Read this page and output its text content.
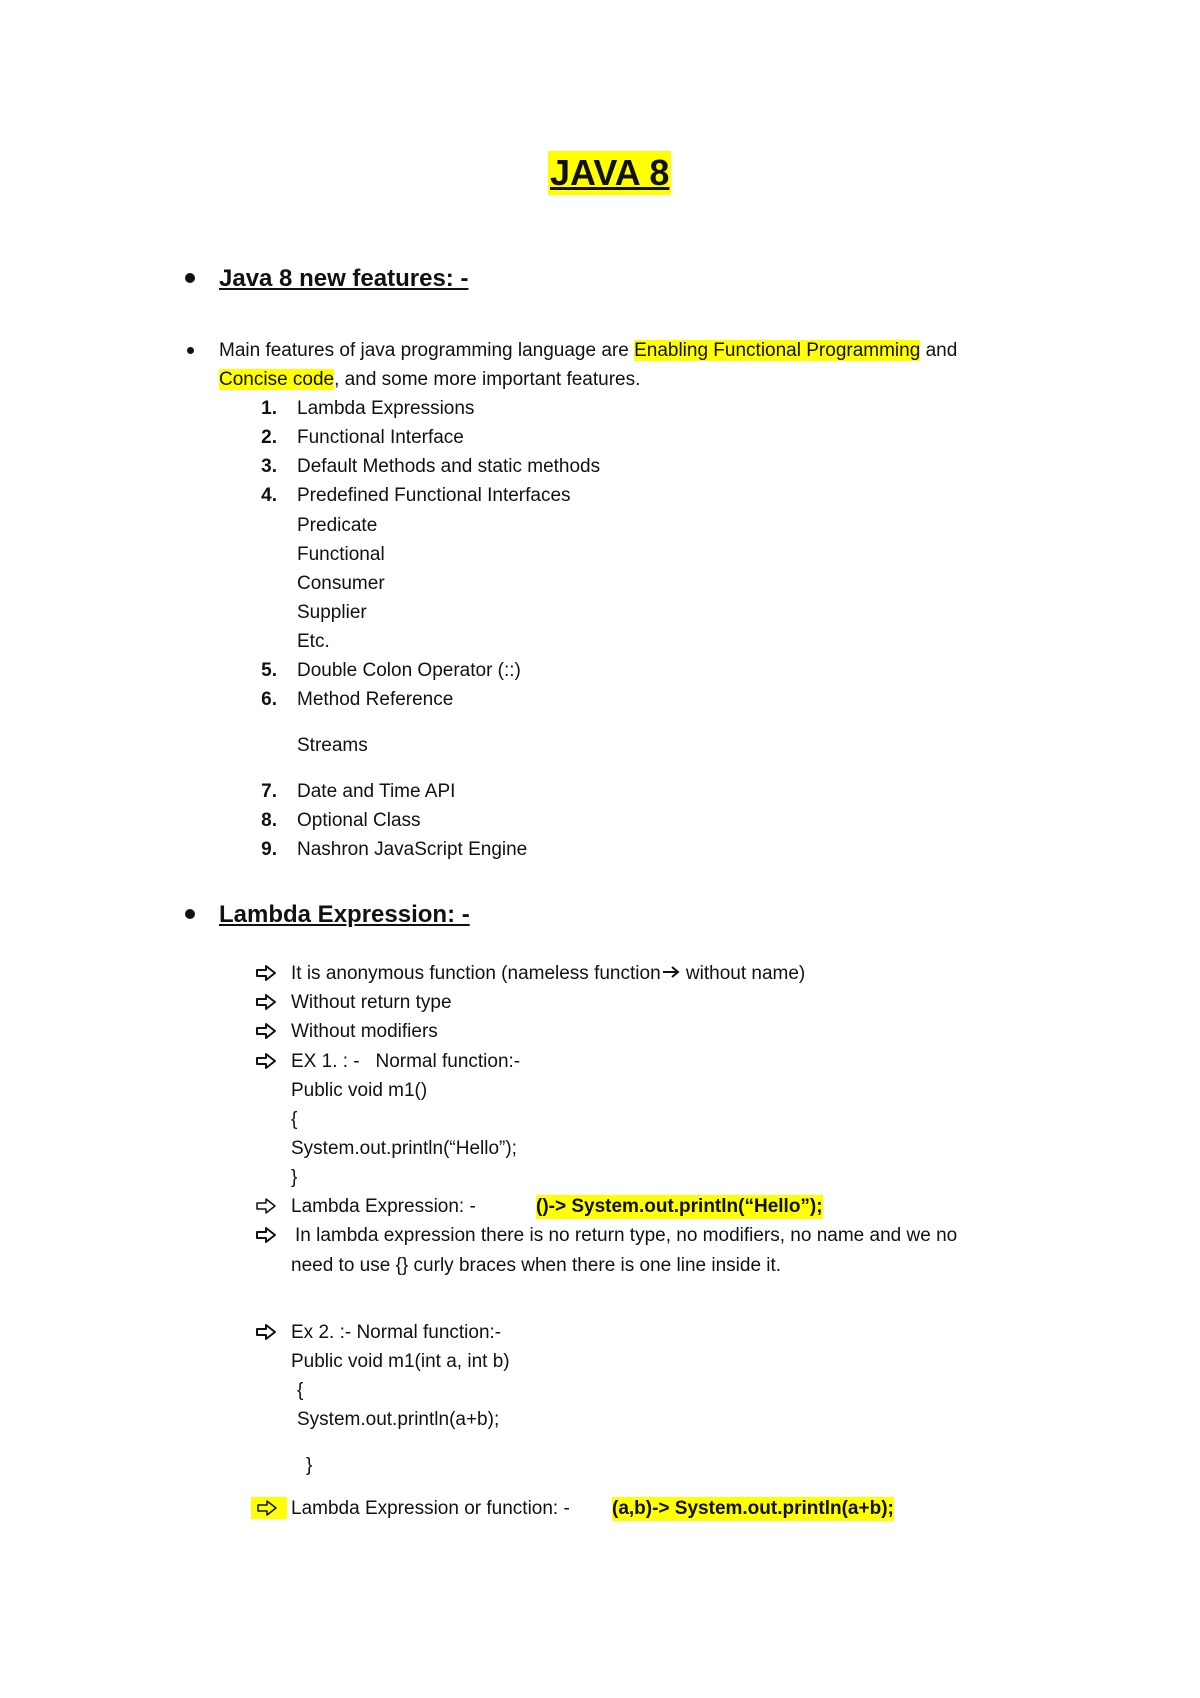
JAVA 8
Java 8 new features: -
Main features of java programming language are Enabling Functional Programming and
Concise code, and some more important features.
1. Lambda Expressions
2. Functional Interface
3. Default Methods and static methods
4. Predefined Functional Interfaces
Predicate
Functional
Consumer
Supplier
Etc.
5. Double Colon Operator (::)
6. Method Reference
Streams
7. Date and Time API
8. Optional Class
9. Nashron JavaScript Engine
Lambda Expression: -
It is anonymous function (nameless function without name)
Without return type
Without modifiers
EX 1. : -   Normal function:-
Public void m1()
{
System.out.println(“Hello”);
}
Lambda Expression: -	()-> System.out.println(“Hello”);
In lambda expression there is no return type, no modifiers, no name and we no
need to use {} curly braces when there is one line inside it.
Ex 2. :- Normal function:-
Public void m1(int a, int b)
{
System.out.println(a+b);
}
Lambda Expression or function: - (a,b)-> System.out.println(a+b);
